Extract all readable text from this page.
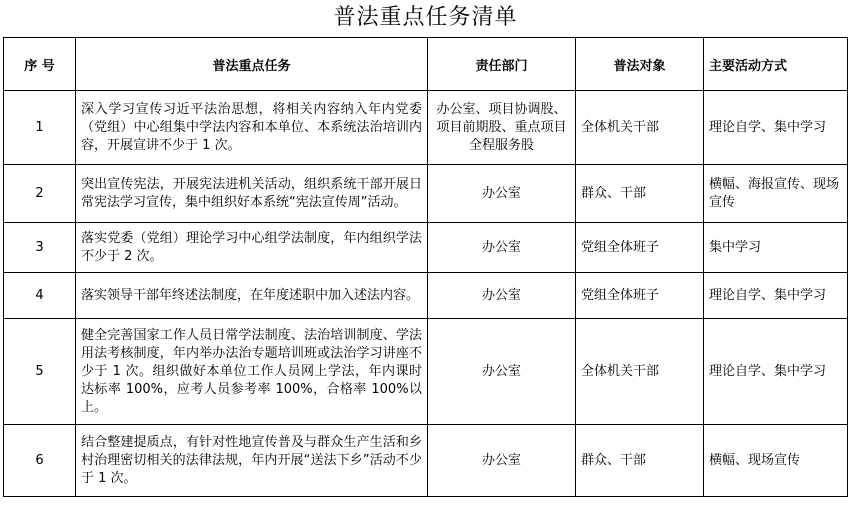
普法重点任务清单
序 号	普法重点任务	责任部门	普法对象	主要活动方式
1	深入学习宣传习近平法治思想，将相关内容纳入年内党委（党组）中心组集中学法内容和本单位、本系统法治培训内容，开展宣讲不少于 1 次。	办公室、项目协调股、项目前期股、重点项目全程服务股	全体机关干部	理论自学、集中学习
2	突出宣传宪法，开展宪法进机关活动，组织系统干部开展日常宪法学习宣传，集中组织好本系统“宪法宣传周”活动。	办公室	群众、干部	横幅、海报宣传、现场宣传
3	落实党委（党组）理论学习中心组学法制度，年内组织学法不少于 2 次。	办公室	党组全体班子	集中学习
4	落实领导干部年终述法制度，在年度述职中加入述法内容。	办公室	党组全体班子	理论自学、集中学习
5	健全完善国家工作人员日常学法制度、法治培训制度、学法用法考核制度，年内举办法治专题培训班或法治学习讲座不少于 1 次。组织做好本单位工作人员网上学法，年内课时达标率 100%，应考人员参考率 100%，合格率 100%以上。	办公室	全体机关干部	理论自学、集中学习
6	结合整建提质点，有针对性地宣传普及与群众生产生活和乡村治理密切相关的法律法规，年内开展“送法下乡”活动不少于 1 次。	办公室	群众、干部	横幅、现场宣传
